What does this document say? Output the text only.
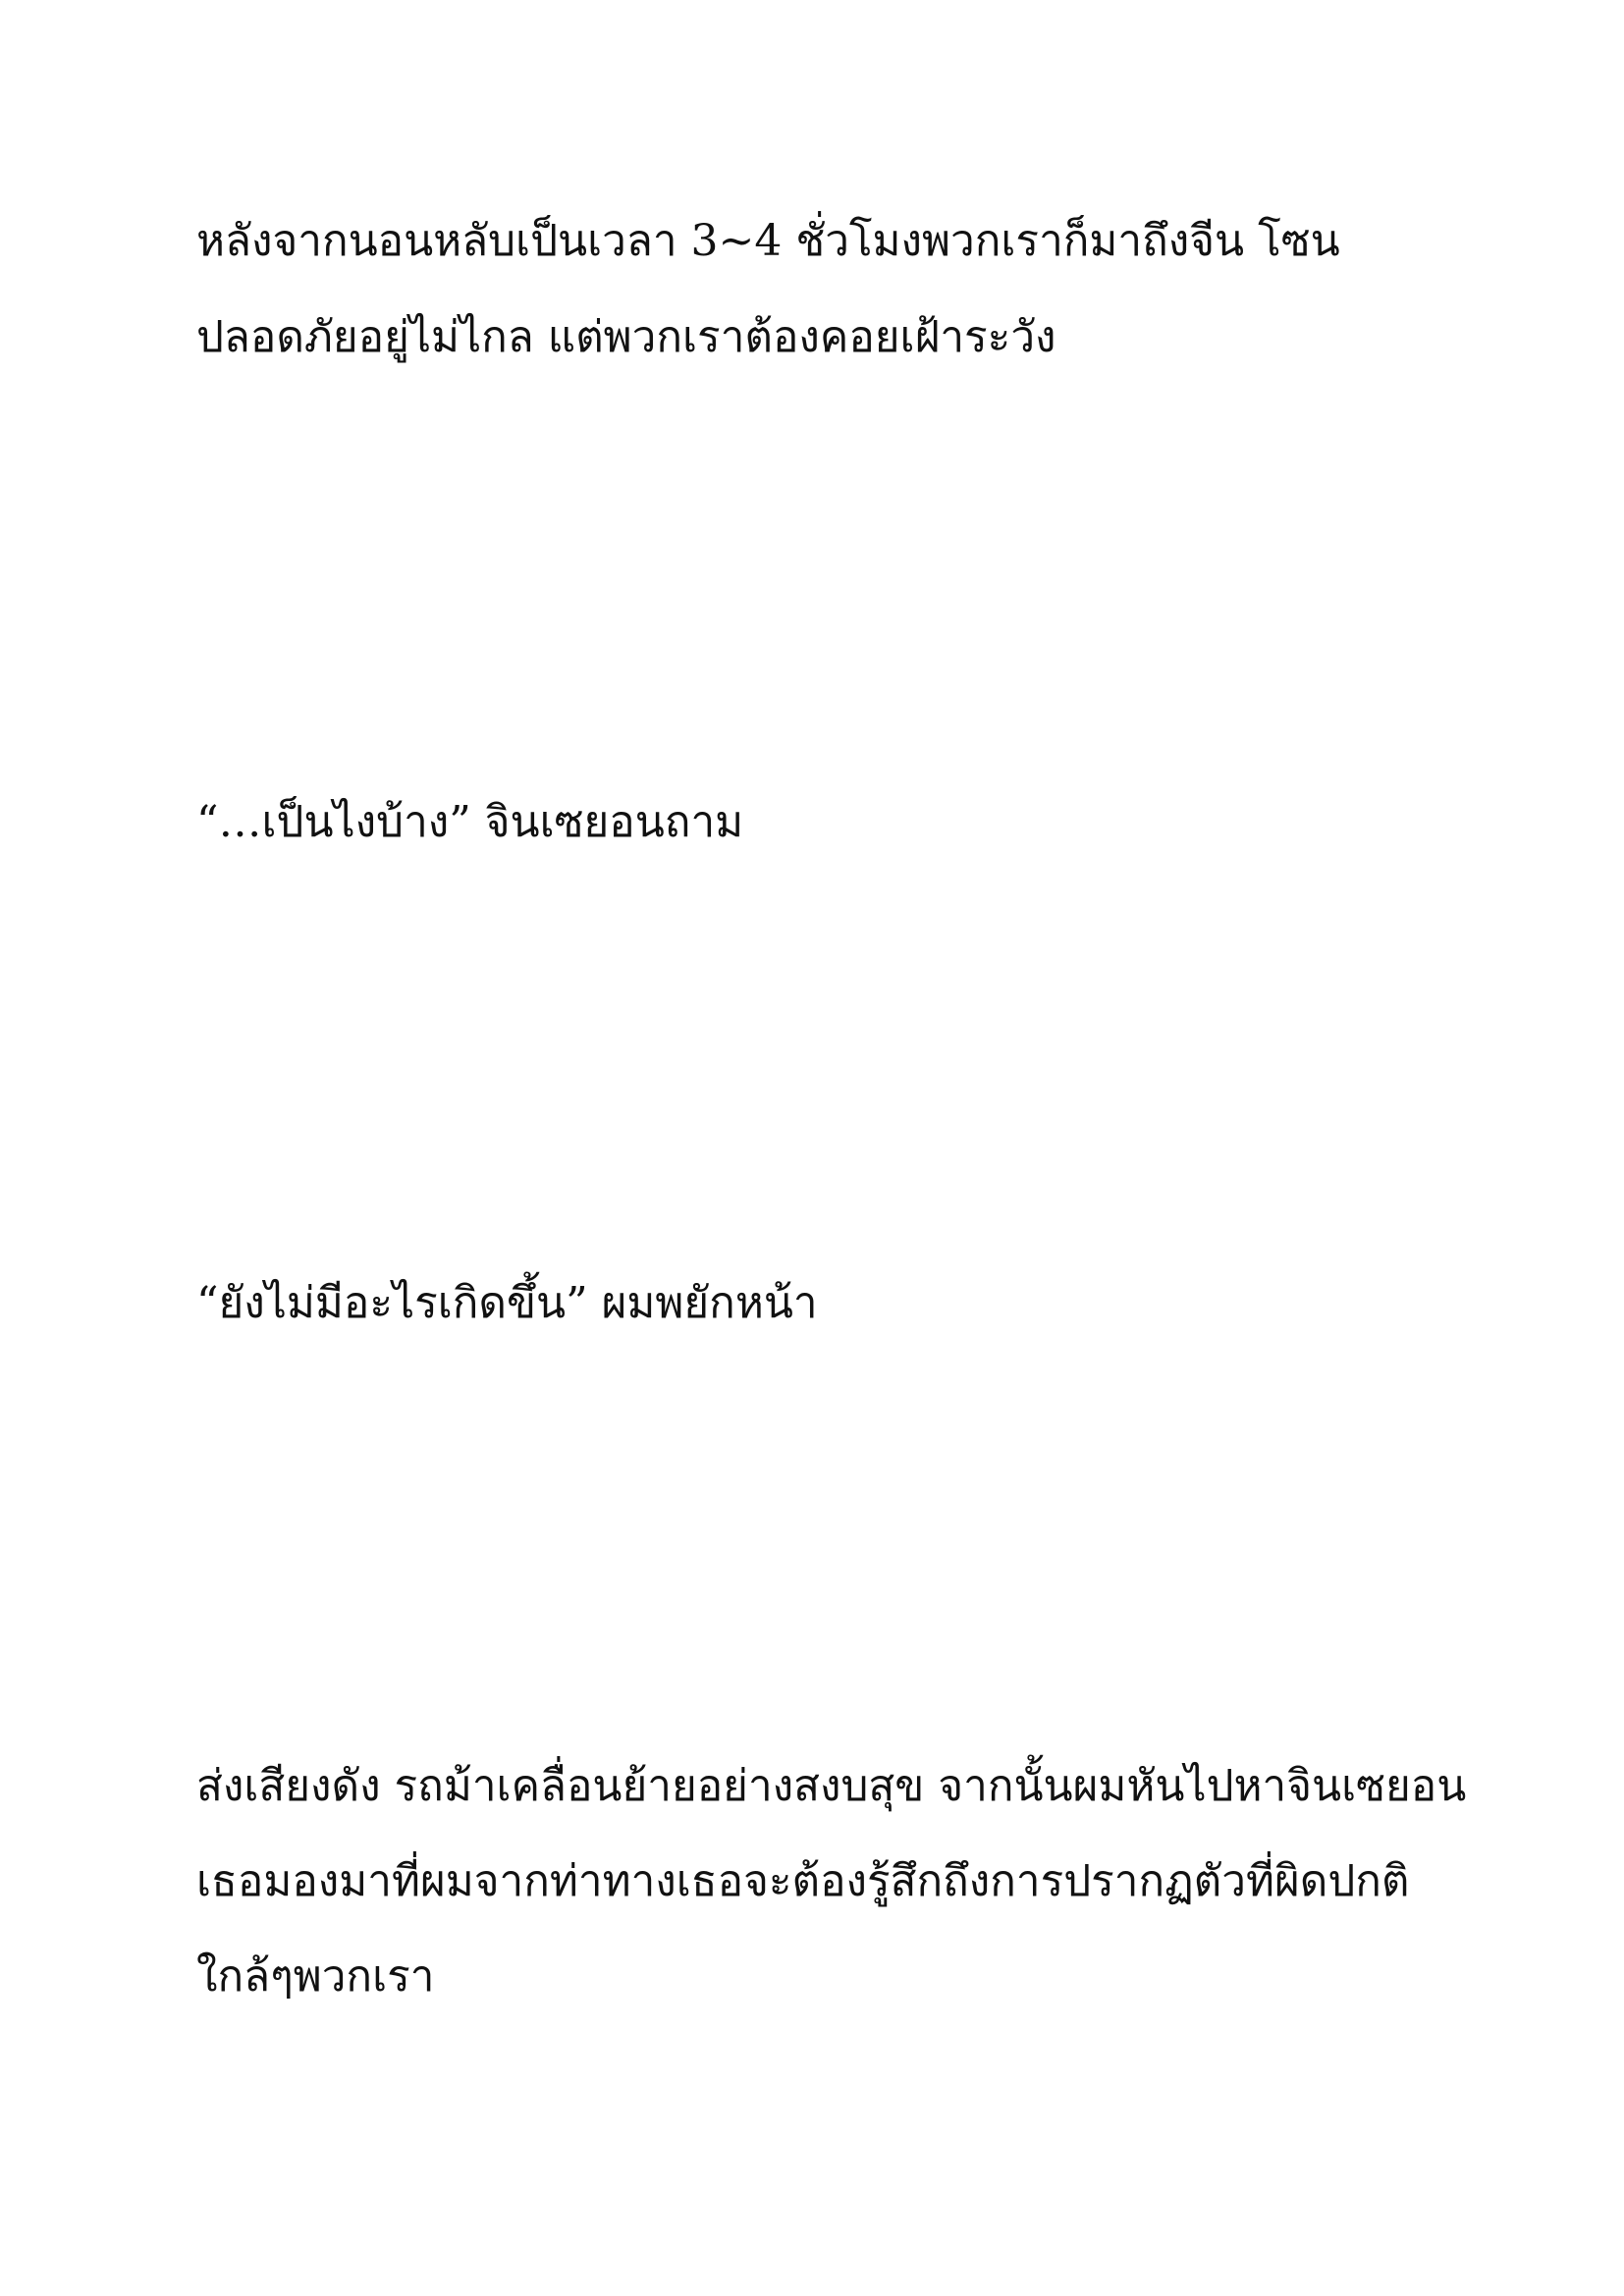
หลังจากนอนหลับเป็นเวลา 3~4 ชั่วโมงพวกเราก็มาถึงจีน โซน
ปลอดภัยอยู่ไม่ไกล แต่พวกเราต้องคอยเฝ้าระวัง
“…เป็นไงบ้าง” จินเซยอนถาม
“ยังไม่มีอะไรเกิดขึ้น” ผมพยักหน้า
ส่งเสียงดัง รถม้าเคลื่อนย้ายอย่างสงบสุข จากนั้นผมหันไปหาจินเซยอน
เธอมองมาที่ผมจากท่าทางเธอจะต้องรู้สึกถึงการปรากฏตัวที่ผิดปกติ
ใกล้ๆพวกเรา
